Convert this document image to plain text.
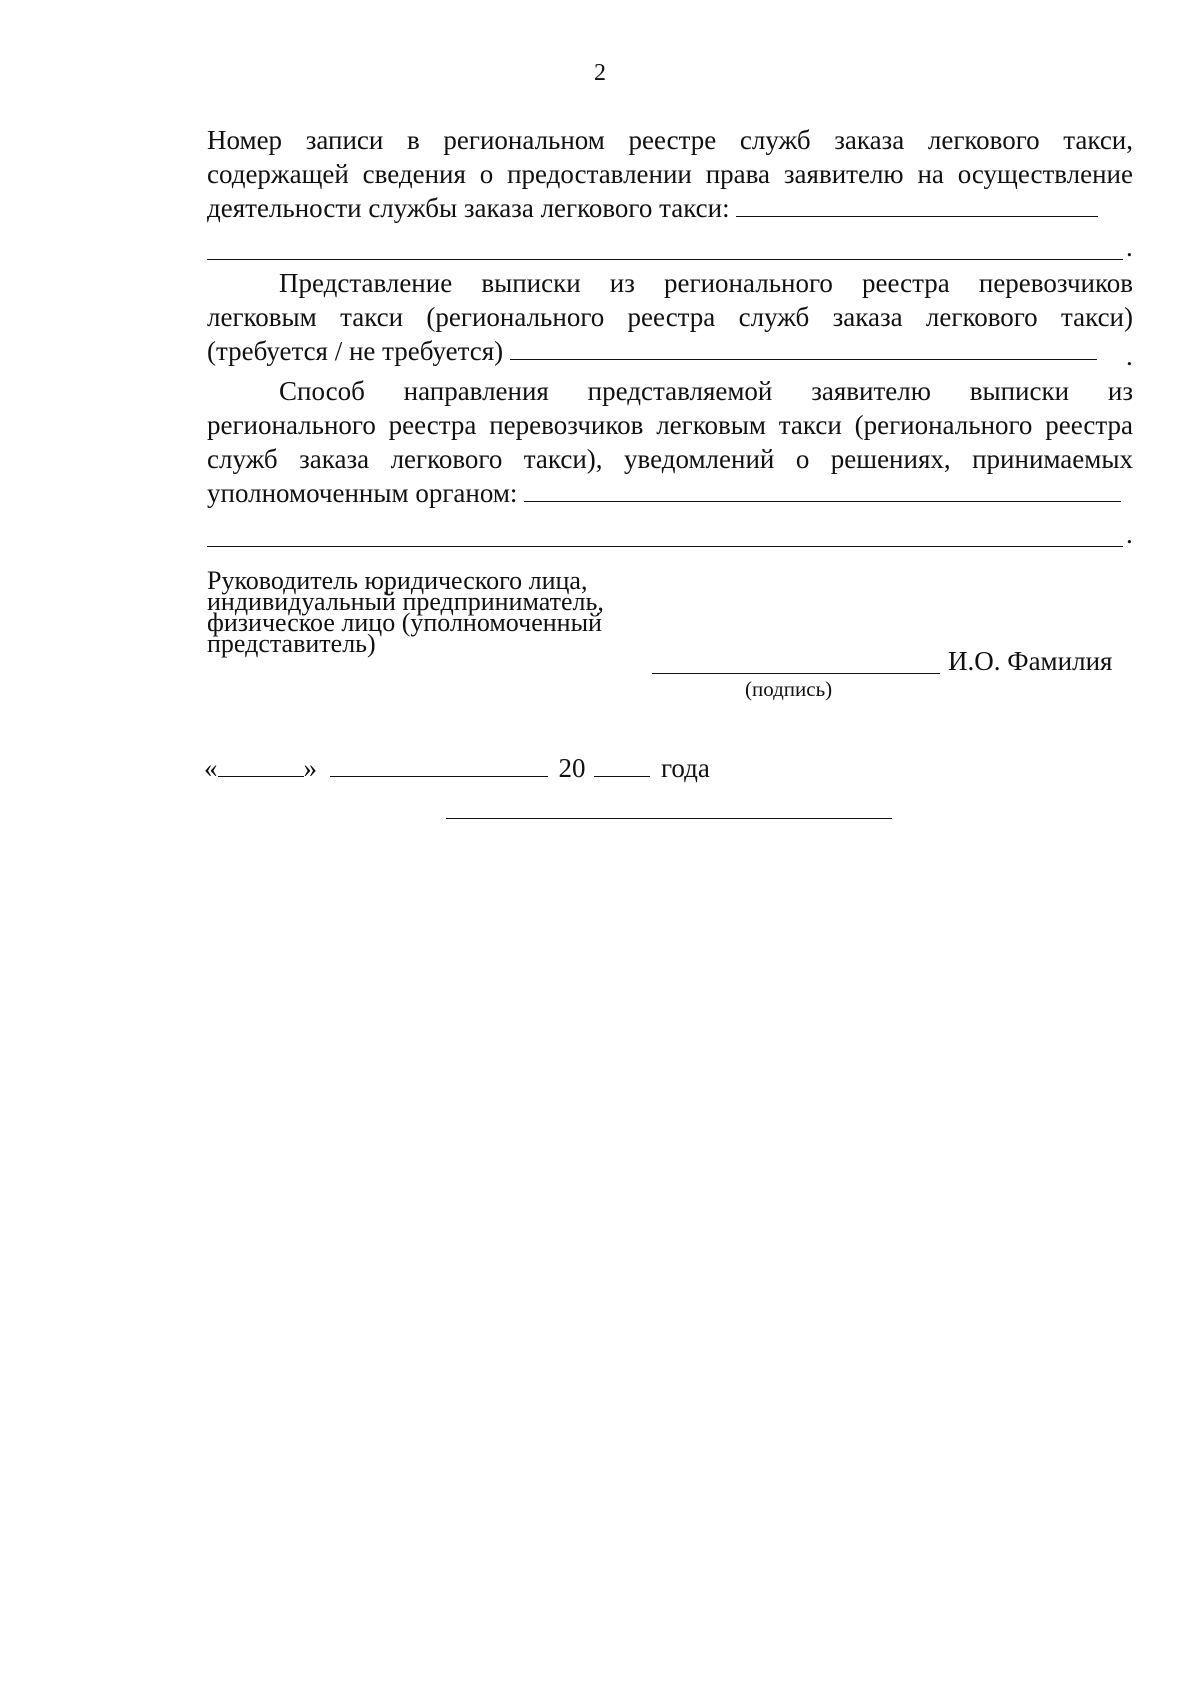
2
Номер записи в региональном реестре служб заказа легкового такси,
содержащей сведения о предоставлении права заявителю на осуществление
деятельности службы заказа легкового такси:
.
Представление выписки из регионального реестра перевозчиков
легковым такси (регионального реестра служб заказа легкового такси)
(требуется / не требуется)	.
Способ направления представляемой заявителю выписки из
регионального реестра перевозчиков легковым такси (регионального реестра
служб заказа легкового такси), уведомлений о решениях, принимаемых
уполномоченным органом:
.
Руководитель юридического лица,
индивидуальный предприниматель,
физическое лицо (уполномоченный
представитель)
И.О. Фамилия
(подпись)
«	»	20	года
